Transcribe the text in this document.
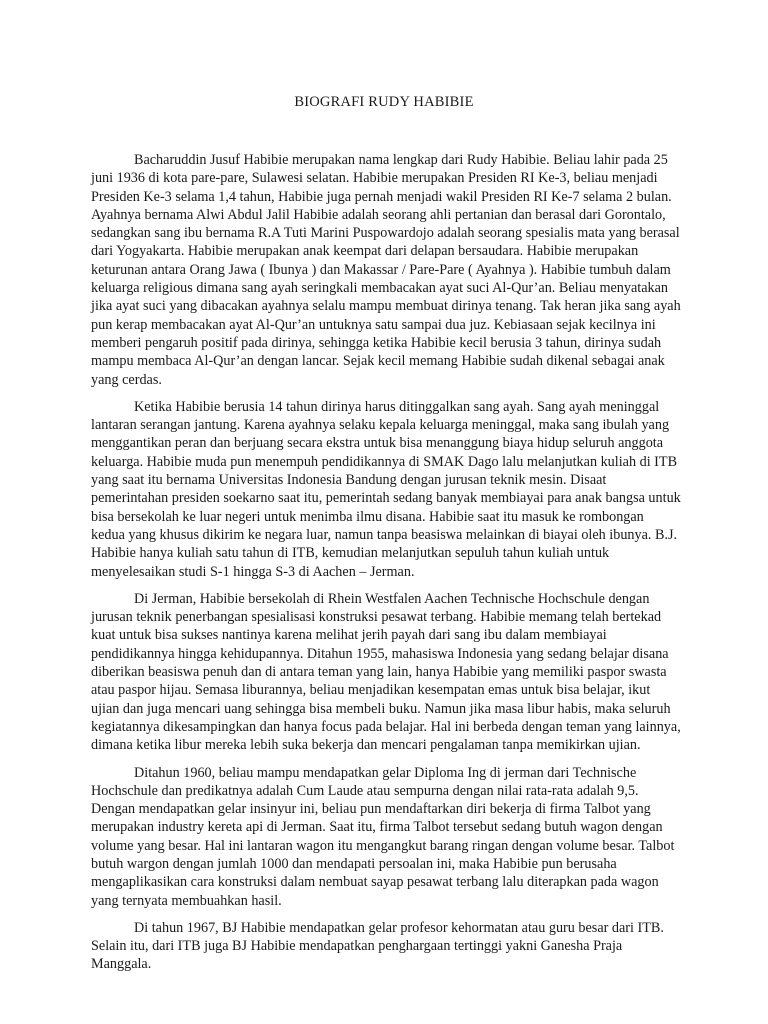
BIOGRAFI RUDY HABIBIE

Bacharuddin Jusuf Habibie merupakan nama lengkap dari Rudy Habibie. Beliau lahir pada 25 juni 1936 di kota pare-pare, Sulawesi selatan. Habibie merupakan Presiden RI Ke-3, beliau menjadi Presiden Ke-3 selama 1,4 tahun, Habibie juga pernah menjadi wakil Presiden RI Ke-7 selama 2 bulan. Ayahnya bernama Alwi Abdul Jalil Habibie adalah seorang ahli pertanian dan berasal dari Gorontalo, sedangkan sang ibu bernama R.A Tuti Marini Puspowardojo adalah seorang spesialis mata yang berasal dari Yogyakarta. Habibie merupakan anak keempat dari delapan bersaudara. Habibie merupakan keturunan antara Orang Jawa ( Ibunya ) dan Makassar / Pare-Pare ( Ayahnya ). Habibie tumbuh dalam keluarga religious dimana sang ayah seringkali membacakan ayat suci Al-Qur’an. Beliau menyatakan jika ayat suci yang dibacakan ayahnya selalu mampu membuat dirinya tenang. Tak heran jika sang ayah pun kerap membacakan ayat Al-Qur’an untuknya satu sampai dua juz. Kebiasaan sejak kecilnya ini memberi pengaruh positif pada dirinya, sehingga ketika Habibie kecil berusia 3 tahun, dirinya sudah mampu membaca Al-Qur’an dengan lancar. Sejak kecil memang Habibie sudah dikenal sebagai anak yang cerdas.

Ketika Habibie berusia 14 tahun dirinya harus ditinggalkan sang ayah. Sang ayah meninggal lantaran serangan jantung. Karena ayahnya selaku kepala keluarga meninggal, maka sang ibulah yang menggantikan peran dan berjuang secara ekstra untuk bisa menanggung biaya hidup seluruh anggota keluarga. Habibie muda pun menempuh pendidikannya di SMAK Dago lalu melanjutkan kuliah di ITB yang saat itu bernama Universitas Indonesia Bandung dengan jurusan teknik mesin. Disaat pemerintahan presiden soekarno saat itu, pemerintah sedang banyak membiayai para anak bangsa untuk bisa bersekolah ke luar negeri untuk menimba ilmu disana. Habibie saat itu masuk ke rombongan kedua yang khusus dikirim ke negara luar, namun tanpa beasiswa melainkan di biayai oleh ibunya. B.J. Habibie hanya kuliah satu tahun di ITB, kemudian melanjutkan sepuluh tahun kuliah untuk menyelesaikan studi S-1 hingga S-3 di Aachen – Jerman.

Di Jerman, Habibie bersekolah di Rhein Westfalen Aachen Technische Hochschule dengan jurusan teknik penerbangan spesialisasi konstruksi pesawat terbang. Habibie memang telah bertekad kuat untuk bisa sukses nantinya karena melihat jerih payah dari sang ibu dalam membiayai pendidikannya hingga kehidupannya. Ditahun 1955, mahasiswa Indonesia yang sedang belajar disana diberikan beasiswa penuh dan di antara teman yang lain, hanya Habibie yang memiliki paspor swasta atau paspor hijau. Semasa liburannya, beliau menjadikan kesempatan emas untuk bisa belajar, ikut ujian dan juga mencari uang sehingga bisa membeli buku. Namun jika masa libur habis, maka seluruh kegiatannya dikesampingkan dan hanya focus pada belajar. Hal ini berbeda dengan teman yang lainnya, dimana ketika libur mereka lebih suka bekerja dan mencari pengalaman tanpa memikirkan ujian.

Ditahun 1960, beliau mampu mendapatkan gelar Diploma Ing di jerman dari Technische Hochschule dan predikatnya adalah Cum Laude atau sempurna dengan nilai rata-rata adalah 9,5. Dengan mendapatkan gelar insinyur ini, beliau pun mendaftarkan diri bekerja di firma Talbot yang merupakan industry kereta api di Jerman. Saat itu, firma Talbot tersebut sedang butuh wagon dengan volume yang besar. Hal ini lantaran wagon itu mengangkut barang ringan dengan volume besar. Talbot butuh wargon dengan jumlah 1000 dan mendapati persoalan ini, maka Habibie pun berusaha mengaplikasikan cara konstruksi dalam nembuat sayap pesawat terbang lalu diterapkan pada wagon yang ternyata membuahkan hasil.

Di tahun 1967, BJ Habibie mendapatkan gelar profesor kehormatan atau guru besar dari ITB. Selain itu, dari ITB juga BJ Habibie mendapatkan penghargaan tertinggi yakni Ganesha Praja Manggala.
